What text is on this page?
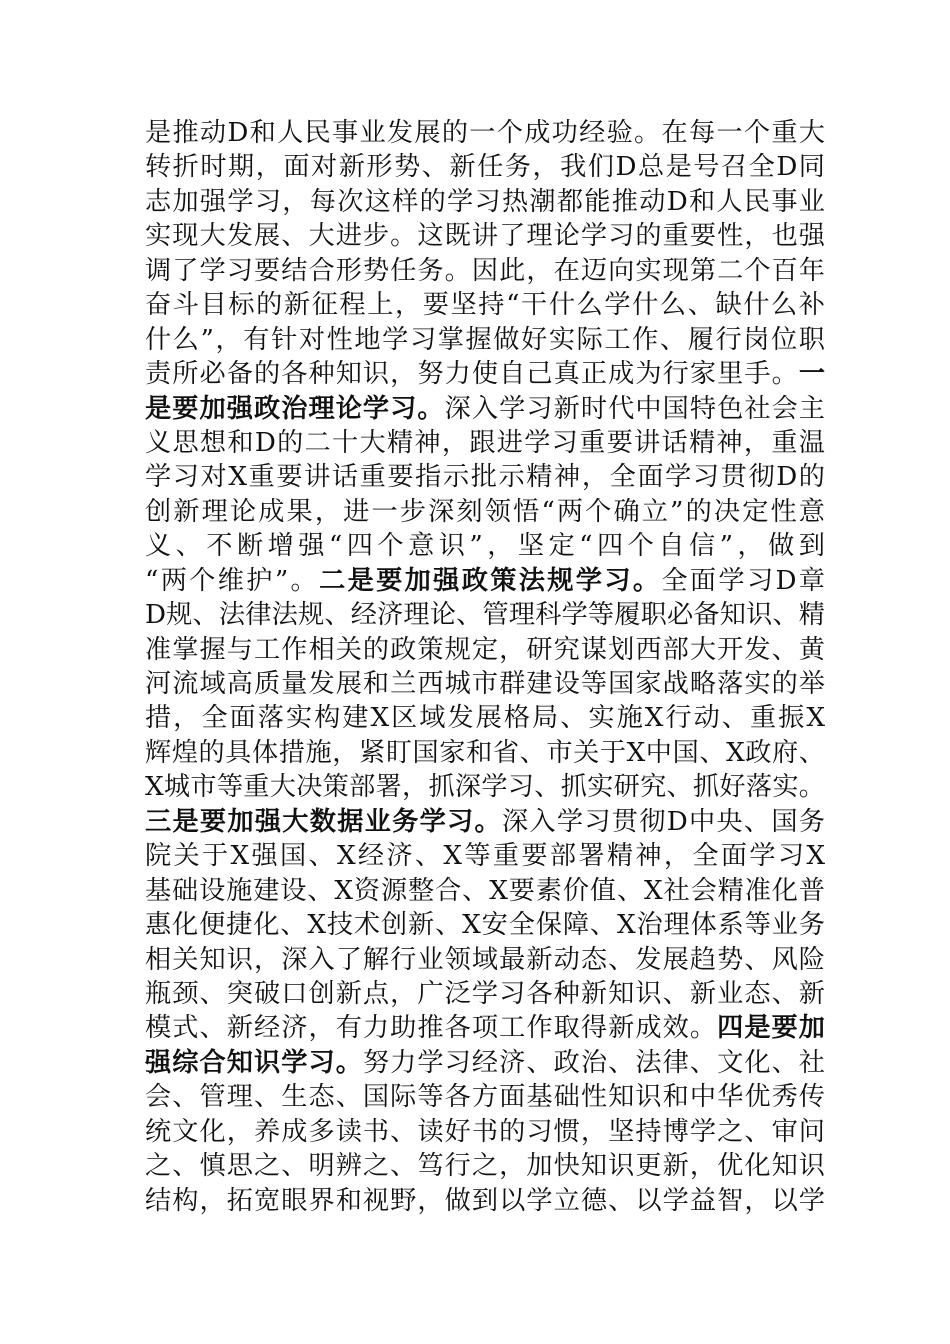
是推动D和人民事业发展的一个成功经验。在每一个重大
转折时期，面对新形势、新任务，我们D总是号召全D同
志加强学习，每次这样的学习热潮都能推动D和人民事业
实现大发展、大进步。这既讲了理论学习的重要性，也强
调了学习要结合形势任务。因此，在迈向实现第二个百年
奋斗目标的新征程上，要坚持“干什么学什么、缺什么补
什么”，有针对性地学习掌握做好实际工作、履行岗位职
责所必备的各种知识，努力使自己真正成为行家里手。一
是要加强政治理论学习。深入学习新时代中国特色社会主
义思想和D的二十大精神，跟进学习重要讲话精神，重温
学习对X重要讲话重要指示批示精神，全面学习贯彻D的
创新理论成果，进一步深刻领悟“两个确立”的决定性意
义、不断增强“四个意识”，坚定“四个自信”，做到
“两个维护”。二是要加强政策法规学习。全面学习D章
D规、法律法规、经济理论、管理科学等履职必备知识、精
准掌握与工作相关的政策规定，研究谋划西部大开发、黄
河流域高质量发展和兰西城市群建设等国家战略落实的举
措，全面落实构建X区域发展格局、实施X行动、重振X
辉煌的具体措施，紧盯国家和省、市关于X中国、X政府、
X城市等重大决策部署，抓深学习、抓实研究、抓好落实。
三是要加强大数据业务学习。深入学习贯彻D中央、国务
院关于X强国、X经济、X等重要部署精神，全面学习X
基础设施建设、X资源整合、X要素价值、X社会精准化普
惠化便捷化、X技术创新、X安全保障、X治理体系等业务
相关知识，深入了解行业领域最新动态、发展趋势、风险
瓶颈、突破口创新点，广泛学习各种新知识、新业态、新
模式、新经济，有力助推各项工作取得新成效。四是要加
强综合知识学习。努力学习经济、政治、法律、文化、社
会、管理、生态、国际等各方面基础性知识和中华优秀传
统文化，养成多读书、读好书的习惯，坚持博学之、审问
之、慎思之、明辨之、笃行之，加快知识更新，优化知识
结构，拓宽眼界和视野，做到以学立德、以学益智，以学
